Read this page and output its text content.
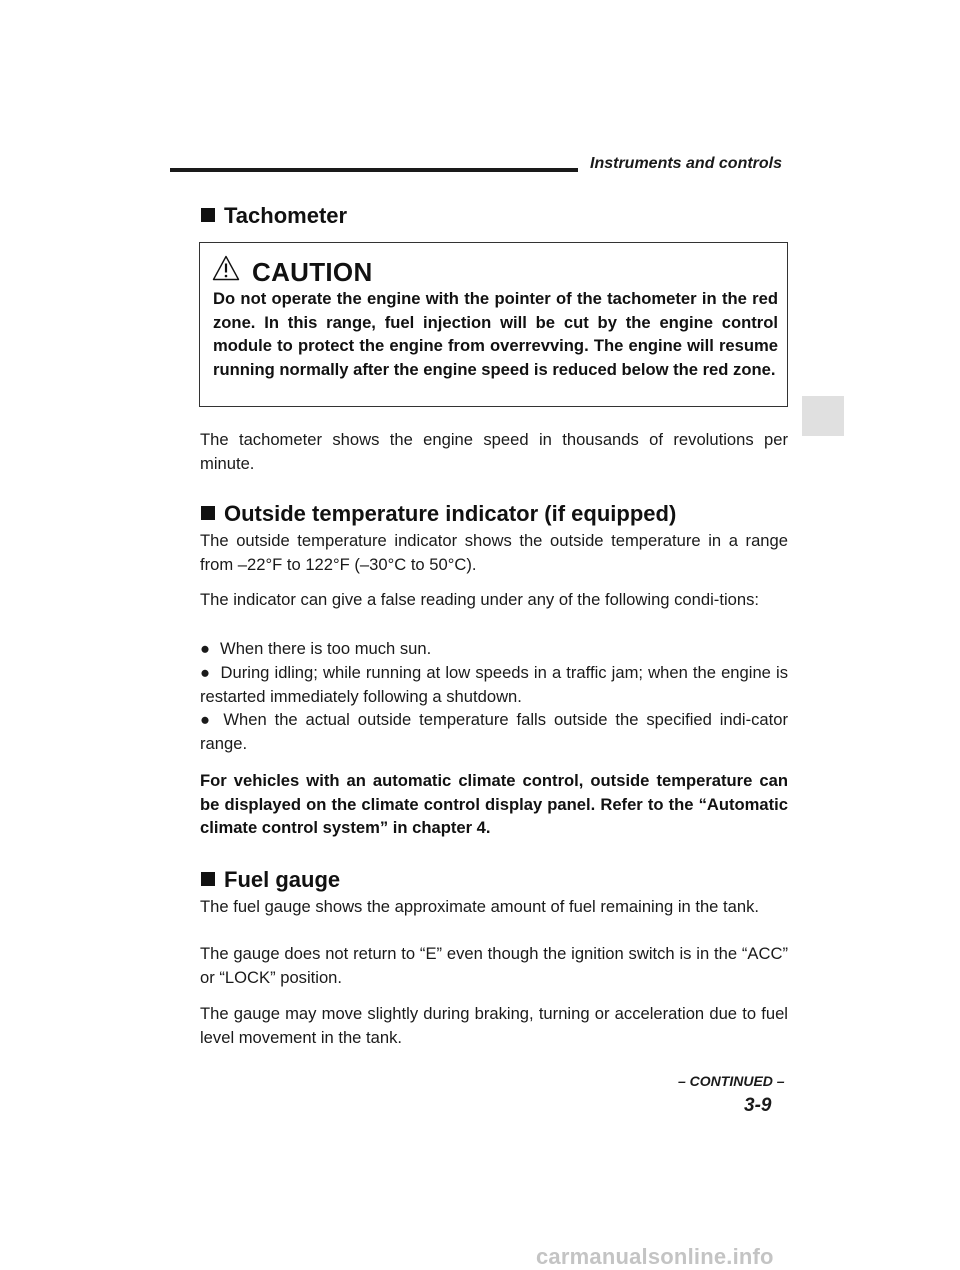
Instruments and controls
Tachometer
CAUTION

Do not operate the engine with the pointer of the tachometer in the red zone. In this range, fuel injection will be cut by the engine control module to protect the engine from overrevving. The engine will resume running normally after the engine speed is reduced below the red zone.

The tachometer shows the engine speed in thousands of revolutions per minute.

Outside temperature indicator (if equipped)

The outside temperature indicator shows the outside temperature in a range from –22°F to 122°F (–30°C to 50°C).

The indicator can give a false reading under any of the following condi-tions:

● When there is too much sun.

● During idling; while running at low speeds in a traffic jam; when the engine is restarted immediately following a shutdown.

● When the actual outside temperature falls outside the specified indi-cator range.

For vehicles with an automatic climate control, outside temperature can be displayed on the climate control display panel. Refer to the “Automatic climate control system” in chapter 4.

Fuel gauge

The fuel gauge shows the approximate amount of fuel remaining in the tank.

The gauge does not return to “E” even though the ignition switch is in the “ACC” or “LOCK” position.

The gauge may move slightly during braking, turning or acceleration due to fuel level movement in the tank.

– CONTINUED –
3-9
carmanualsonline.info
